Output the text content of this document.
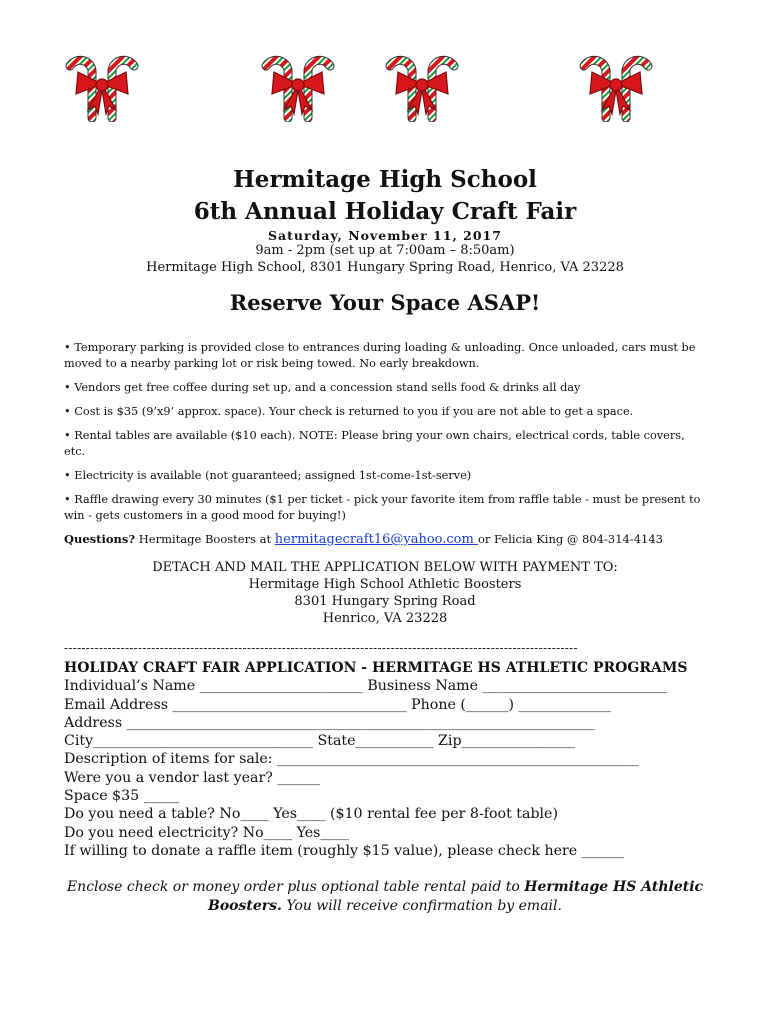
Hermitage High School
6th Annual Holiday Craft Fair
Saturday, November 11, 2017
9am - 2pm (set up at 7:00am – 8:50am)
Hermitage High School, 8301 Hungary Spring Road, Henrico, VA 23228
Reserve Your Space ASAP!

• Temporary parking is provided close to entrances during loading & unloading. Once unloaded, cars must be moved to a nearby parking lot or risk being towed. No early breakdown.

• Vendors get free coffee during set up, and a concession stand sells food & drinks all day

• Cost is $35 (9’x9’ approx. space). Your check is returned to you if you are not able to get a space.

• Rental tables are available ($10 each). NOTE: Please bring your own chairs, electrical cords, table covers, etc.

• Electricity is available (not guaranteed; assigned 1st-come-1st-serve)

• Raffle drawing every 30 minutes ($1 per ticket - pick your favorite item from raffle table - must be present to win - gets customers in a good mood for buying!)

Questions? Hermitage Boosters at hermitagecraft16@yahoo.com or Felicia King @ 804-314-4143
DETACH AND MAIL THE APPLICATION BELOW WITH PAYMENT TO:
Hermitage High School Athletic Boosters
8301 Hungary Spring Road
Henrico, VA 23228
----------------------------------------------------------------------------------------------------------------------
HOLIDAY CRAFT FAIR APPLICATION - HERMITAGE HS ATHLETIC PROGRAMS
Individual’s Name _______________________ Business Name __________________________
Email Address _________________________________ Phone (______) _____________
Address __________________________________________________________________
City_______________________________ State___________ Zip________________
Description of items for sale: ___________________________________________________
Were you a vendor last year? ______
Space $35 _____
Do you need a table? No____ Yes____ ($10 rental fee per 8-foot table)
Do you need electricity? No____ Yes____
If willing to donate a raffle item (roughly $15 value), please check here ______
Enclose check or money order plus optional table rental paid to Hermitage HS Athletic Boosters. You will receive confirmation by email.
